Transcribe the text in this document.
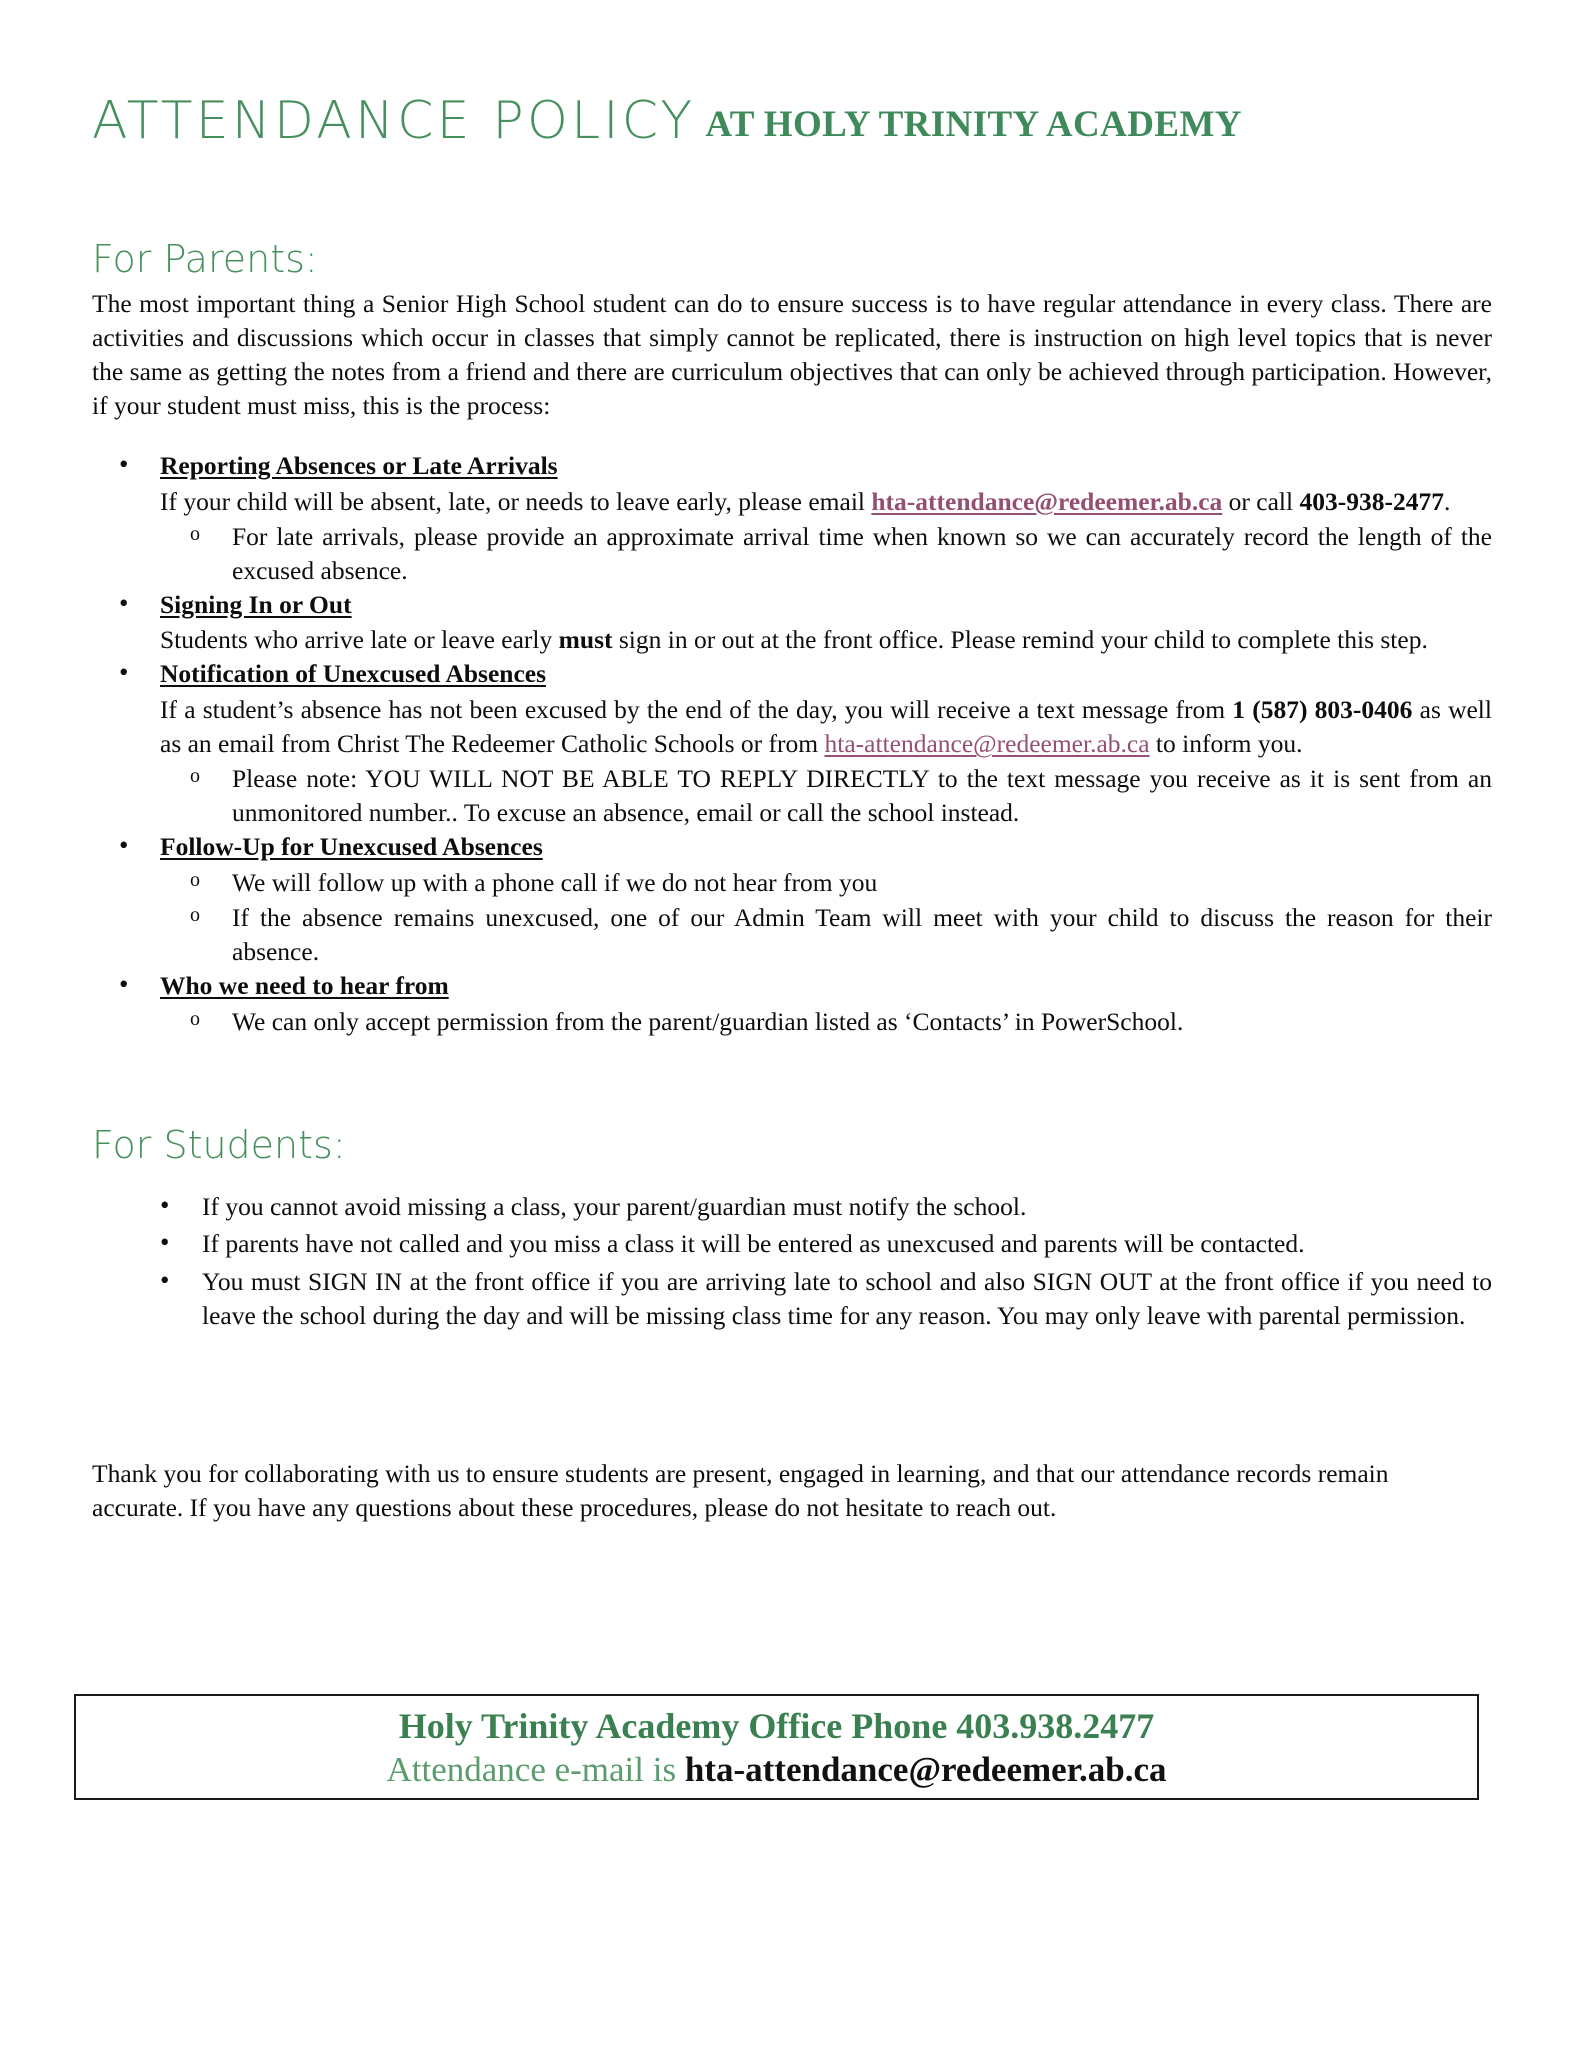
ATTENDANCE POLICY AT HOLY TRINITY ACADEMY
For Parents:

The most important thing a Senior High School student can do to ensure success is to have regular attendance in every class. There are activities and discussions which occur in classes that simply cannot be replicated, there is instruction on high level topics that is never the same as getting the notes from a friend and there are curriculum objectives that can only be achieved through participation. However, if your student must miss, this is the process:

• Reporting Absences or Late Arrivals
If your child will be absent, late, or needs to leave early, please email hta-attendance@redeemer.ab.ca or call 403-938-2477.
o For late arrivals, please provide an approximate arrival time when known so we can accurately record the length of the excused absence.
• Signing In or Out
Students who arrive late or leave early must sign in or out at the front office. Please remind your child to complete this step.
• Notification of Unexcused Absences
If a student’s absence has not been excused by the end of the day, you will receive a text message from 1 (587) 803-0406 as well as an email from Christ The Redeemer Catholic Schools or from hta-attendance@redeemer.ab.ca to inform you.
o Please note: YOU WILL NOT BE ABLE TO REPLY DIRECTLY to the text message you receive as it is sent from an unmonitored number.. To excuse an absence, email or call the school instead.
• Follow-Up for Unexcused Absences
o We will follow up with a phone call if we do not hear from you
o If the absence remains unexcused, one of our Admin Team will meet with your child to discuss the reason for their absence.
• Who we need to hear from
o We can only accept permission from the parent/guardian listed as ‘Contacts’ in PowerSchool.
For Students:
• If you cannot avoid missing a class, your parent/guardian must notify the school.
• If parents have not called and you miss a class it will be entered as unexcused and parents will be contacted.
• You must SIGN IN at the front office if you are arriving late to school and also SIGN OUT at the front office if you need to leave the school during the day and will be missing class time for any reason. You may only leave with parental permission.

Thank you for collaborating with us to ensure students are present, engaged in learning, and that our attendance records remain accurate. If you have any questions about these procedures, please do not hesitate to reach out.

Holy Trinity Academy Office Phone 403.938.2477
Attendance e-mail is hta-attendance@redeemer.ab.ca
